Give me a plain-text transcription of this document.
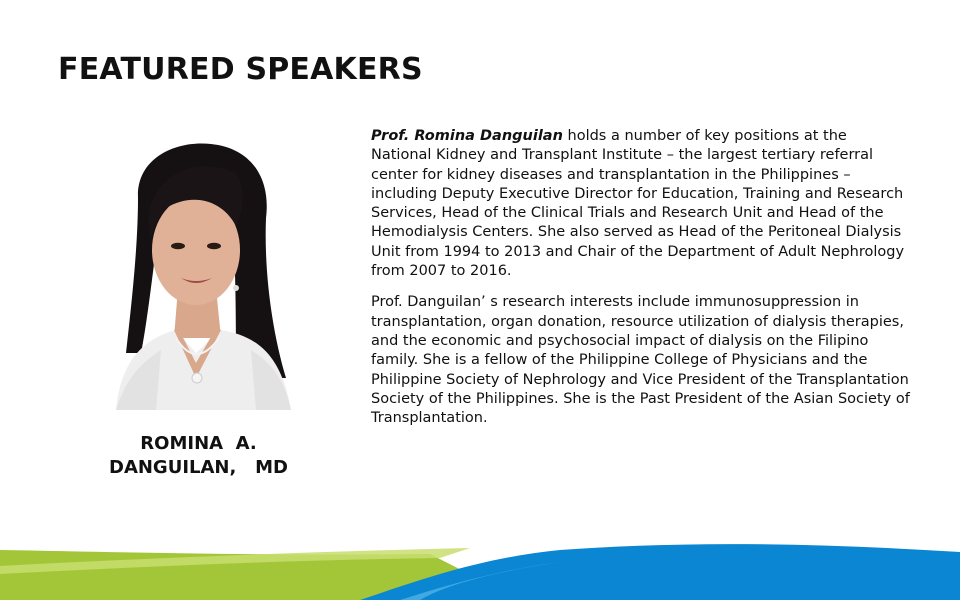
FEATURED SPEAKERS
ROMINA  A.
DANGUILAN,   MD

Prof. Romina Danguilan holds a number of key positions at the National Kidney and Transplant Institute – the largest tertiary referral center for kidney diseases and transplantation in the Philippines – including Deputy Executive Director for Education, Training and Research Services, Head of the Clinical Trials and Research Unit and Head of the Hemodialysis Centers. She also served as Head of the Peritoneal Dialysis Unit from 1994 to 2013 and Chair of the Department of Adult Nephrology from 2007 to 2016.

Prof. Danguilan’ s research interests include immunosuppression in transplantation, organ donation, resource utilization of dialysis therapies, and the economic and psychosocial impact of dialysis on the Filipino family. She is a fellow of the Philippine College of Physicians and the Philippine Society of Nephrology and Vice President of the Transplantation Society of the Philippines. She is the Past President of the Asian Society of Transplantation.
